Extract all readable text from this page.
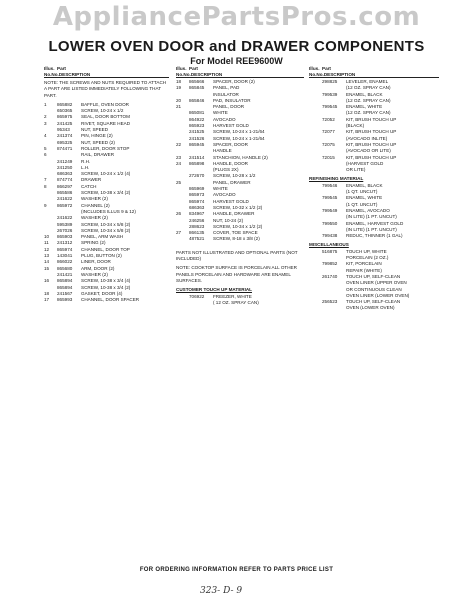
AppliancePartsPros.com
LOWER OVEN DOOR and DRAWER COMPONENTS
For Model REE9600W
Illus. Part
No.No.DESCRIPTION
NOTE: THE SCREWS AND NUTS REQUIRED TO ATTACH A PART ARE LISTED IMMEDIATELY FOLLOWING THAT PART.
1	865882	BAFFLE, OVEN DOOR
650365	SCREW, 10-24 x 1/2
2	865975	SEAL, DOOR BOTTOM
3	241425	RIVET, SQUARE HEAD
95343	NUT, SPEED
4	241374	PIN, HINGE (2)
695325	NUT, SPEED (2)
5	874471	ROLLER, DOOR STOP
6	RAIL, DRAWER
241249	R.H.
241250	L.H.
686363	SCREW, 10-24 x 1/2 (4)
7	874774	DRAWER
8	866297	CATCH
865586	SCREW, 10-38 x 3/4 (2)
241622	WASHER (2)
9	865972	CHANNEL (2)
(INCLUDES ILLUS 9 & 12)
241622	WASHER (2)
595389	SCREW, 10-34 x 5/8 (2)
267026	SCREW, 10-34 x 5/8 (2)
10	865903	PANEL, ARM WASH
11	241312	SPRING (2)
12	865974	CHANNEL, DOOR TOP
13	143041	PLUG, BUTTON (2)
14	866022	LINER, DOOR
15	865680	ARM, DOOR (2)
241421	WASHER (2)
16	865894	SCREW, 10-38 x 3/4 (4)
865894	SCREW, 10-38 x 3/4 (2)
18	241567	GASKET, DOOR (4)
17	865993	CHANNEL, DOOR SPACER
Illus. Part
No.No.DESCRIPTION
18	865666	SPACER, DOOR (2)
19	865845	PANEL, PAD
INSULATOR
20	865846	PAD, INSULATOR
21	PANEL, DOOR
865081	WHITE
864922	AVOCADO
865923	HARVEST GOLD
241525	SCREW, 10-24 x 1-21/64
241526	SCREW, 10-24 x 1-21/64
22	865945	SPACER, DOOR
HANDLE
23	241514	STANCHION, HANDLE (2)
24	865898	HANDLE, DOOR
(PLUGS 2X)
272670	SCREW, 10-28 x 1/2
25	PANEL, DRAWER
865969	WHITE
865973	AVOCADO
865974	HARVEST GOLD
686363	SCREW, 10-32 x 1/2 (2)
26	834967	HANDLE, DRAWER
246256	NUT, 10-24 (2)
288623	SCREW, 10-34 x 1/2 (2)
27	866135	COVER, TOE SPACE
487521	SCREW, 8-18 x 3/8 (2)
PARTS NOT ILLUSTRATED AND OPTIONAL PARTS (NOT INCLUDED)
NOTE: COOKTOP SURFACE IS PORCELAIN ALL OTHER PANELS PORCELAIN AND HARDWARE ARE ENAMEL SURFACES.
CUSTOMER TOUCH UP MATERIAL
706922	FREEZER, WHITE
( 12 OZ. SPRAY CAN)
Illus. Part
No.No.DESCRIPTION
298825	LEVELER, ENAMEL
(12 OZ. SPRAY CAN)
799539	ENAMEL, BLACK
(12 OZ. SPRAY CAN)
799545	ENAMEL, WHITE
(12 OZ. SPRAY CAN)
72052	KIT, BRUSH TOUCH UP
(BLACK)
72077	KIT, BRUSH TOUCH UP
(AVOCADO INLITE)
72075	KIT, BRUSH TOUCH UP
(AVOCADO OR LITE)
72015	KIT, BRUSH TOUCH UP
(HARVEST GOLD
OR LITE)
REFINISHING MATERIAL
799546	ENAMEL, BLACK
(1 QT. UNCUT)
799545	ENAMEL, WHITE
(1 QT. UNCUT)
799549	ENAMEL, AVOCADO
(IN LITE) (1 PT. UNCUT)
799550	ENAMEL, HARVEST GOLD
(IN LITE) (1 PT. UNCUT)
799438	REDUC, THINNER (1 GAL)
MISCELLANEOUS
516875	TOUCH UP, WHITE
PORCELAIN (2 OZ.)
799852	KIT, PORCELAIN
REPAIR (WHITE)
261740	TOUCH UP, SELF-CLEAN
OVEN LINER (UPPER OVEN
OR CONTINUOUS CLEAN
OVEN LINER (LOWER OVEN)
256523	TOUCH UP, SELF-CLEAN
OVEN (LOWER OVEN)
FOR ORDERING INFORMATION REFER TO PARTS PRICE LIST
323- D- 9
